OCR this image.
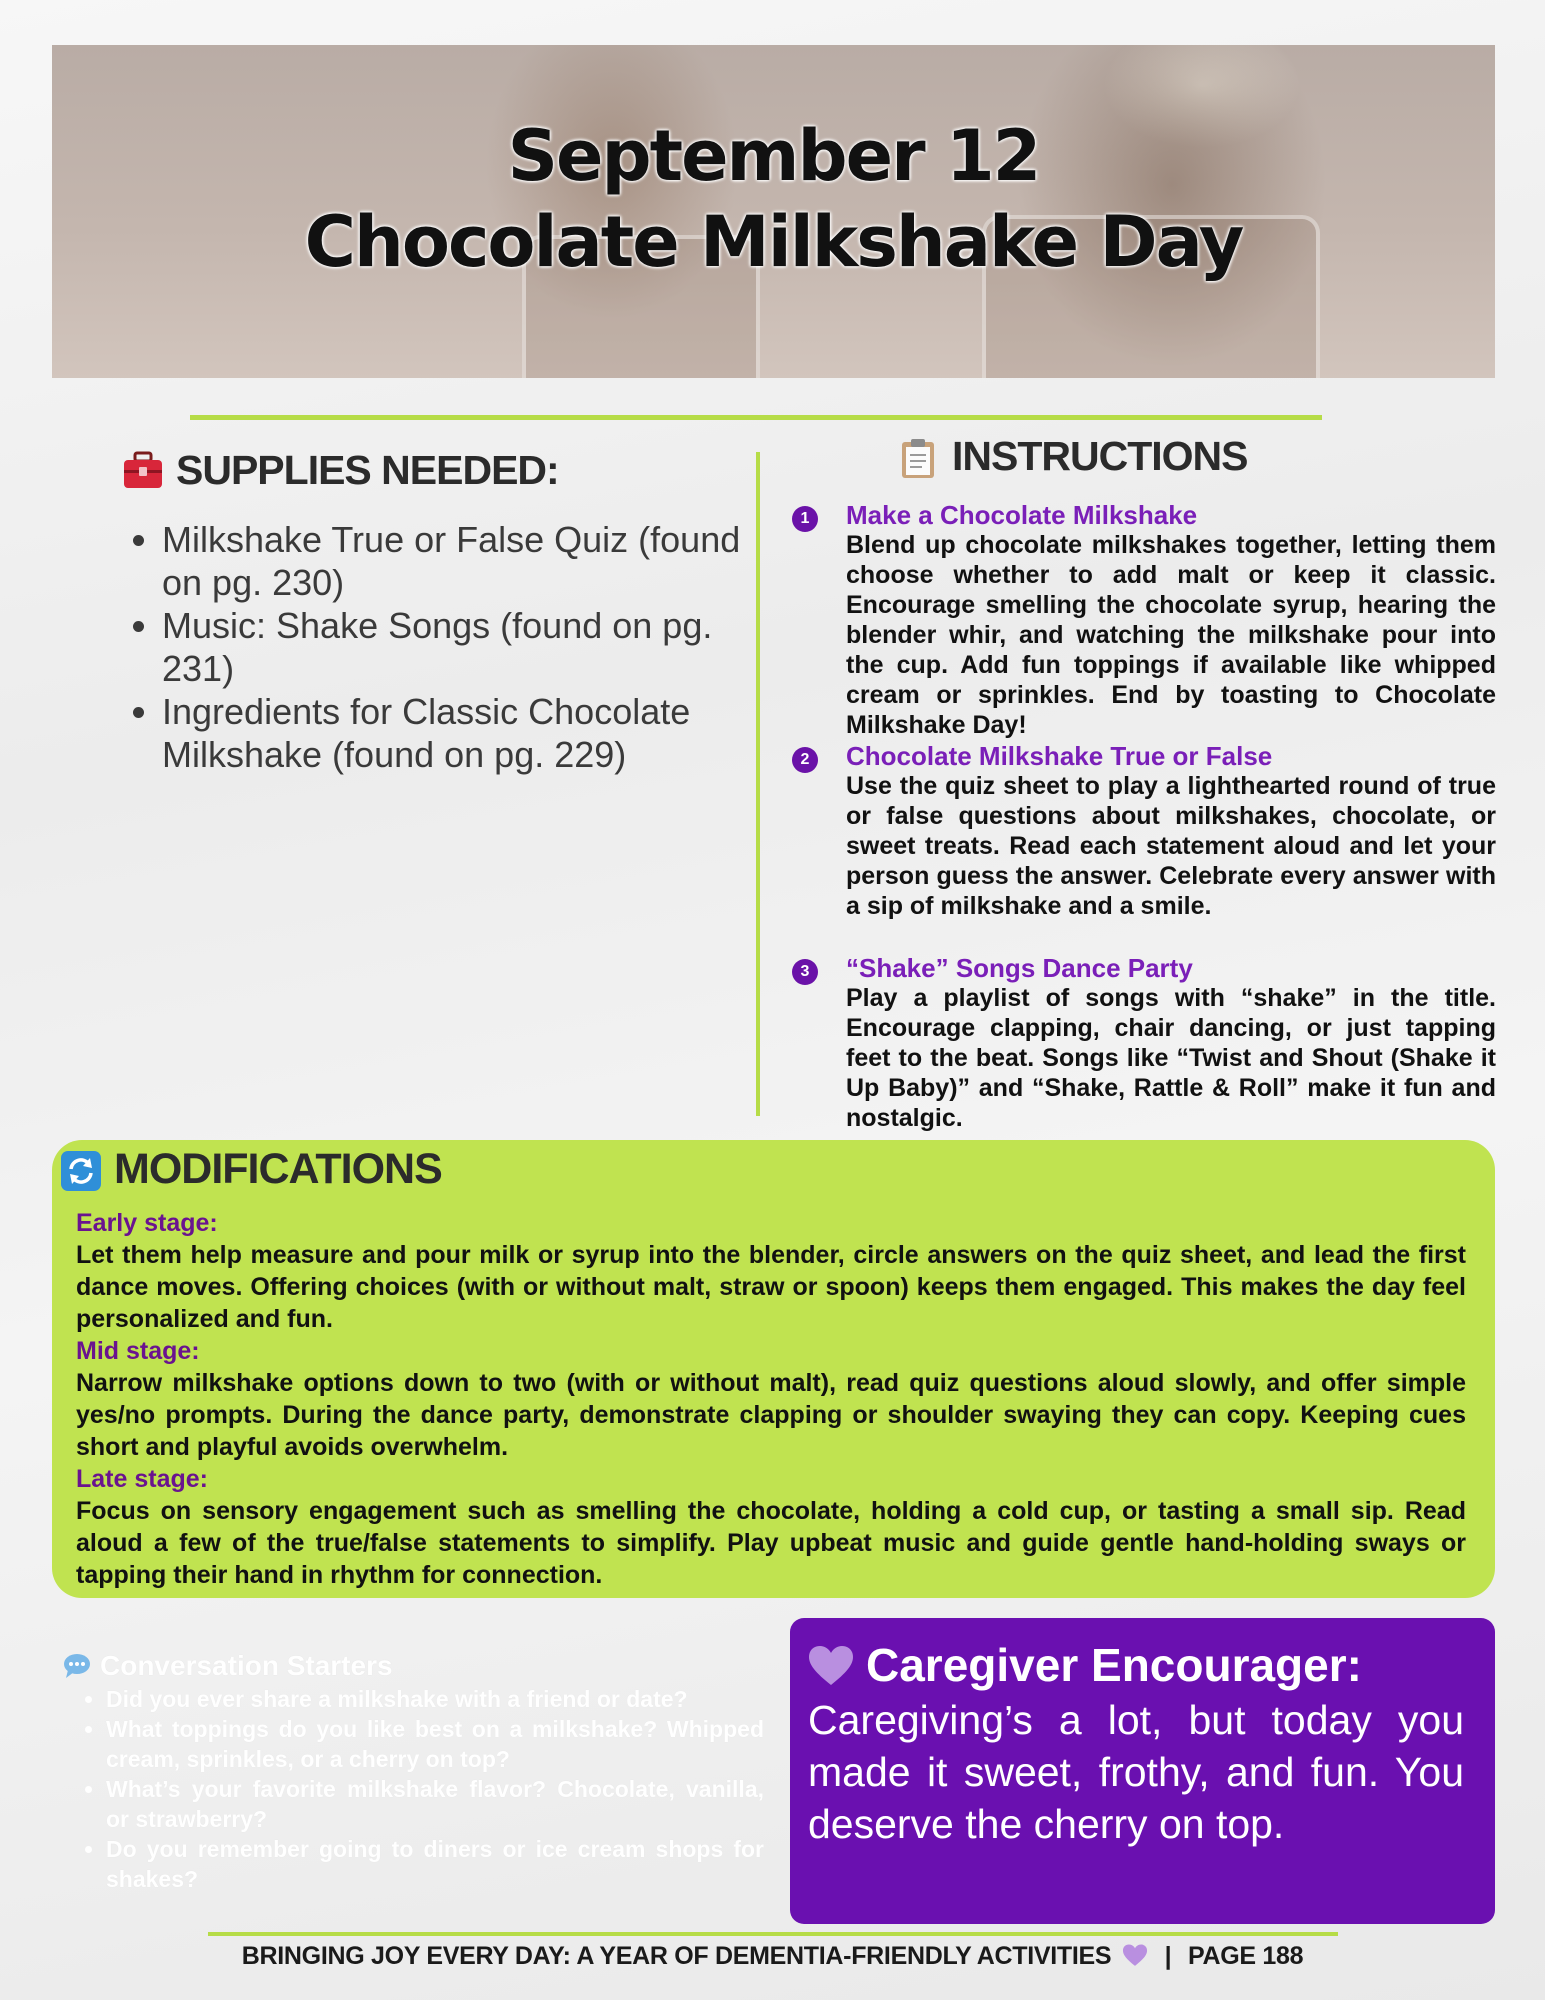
September 12
Chocolate Milkshake Day
SUPPLIES NEEDED:
• Milkshake True or False Quiz (found on pg. 230)
• Music: Shake Songs (found on pg. 231)
• Ingredients for Classic Chocolate Milkshake (found on pg. 229)
INSTRUCTIONS
1	Make a Chocolate Milkshake
Blend up chocolate milkshakes together, letting them choose whether to add malt or keep it classic. Encourage smelling the chocolate syrup, hearing the blender whir, and watching the milkshake pour into the cup. Add fun toppings if available like whipped cream or sprinkles. End by toasting to Chocolate Milkshake Day!
2	Chocolate Milkshake True or False
Use the quiz sheet to play a lighthearted round of true or false questions about milkshakes, chocolate, or sweet treats. Read each statement aloud and let your person guess the answer. Celebrate every answer with a sip of milkshake and a smile.
3	“Shake” Songs Dance Party
Play a playlist of songs with “shake” in the title. Encourage clapping, chair dancing, or just tapping feet to the beat. Songs like “Twist and Shout (Shake it Up Baby)” and “Shake, Rattle & Roll” make it fun and nostalgic.
MODIFICATIONS
Early stage:
Let them help measure and pour milk or syrup into the blender, circle answers on the quiz sheet, and lead the first dance moves. Offering choices (with or without malt, straw or spoon) keeps them engaged. This makes the day feel personalized and fun.
Mid stage:
Narrow milkshake options down to two (with or without malt), read quiz questions aloud slowly, and offer simple yes/no prompts. During the dance party, demonstrate clapping or shoulder swaying they can copy. Keeping cues short and playful avoids overwhelm.
Late stage:
Focus on sensory engagement such as smelling the chocolate, holding a cold cup, or tasting a small sip. Read aloud a few of the true/false statements to simplify. Play upbeat music and guide gentle hand-holding sways or tapping their hand in rhythm for connection.
Conversation Starters
• Did you ever share a milkshake with a friend or date?
• What toppings do you like best on a milkshake? Whipped cream, sprinkles, or a cherry on top?
• What’s your favorite milkshake flavor? Chocolate, vanilla, or strawberry?
• Do you remember going to diners or ice cream shops for shakes?
Caregiver Encourager:
Caregiving’s a lot, but today you made it sweet, frothy, and fun. You deserve the cherry on top.
BRINGING JOY EVERY DAY: A YEAR OF DEMENTIA-FRIENDLY ACTIVITIES | PAGE 188
